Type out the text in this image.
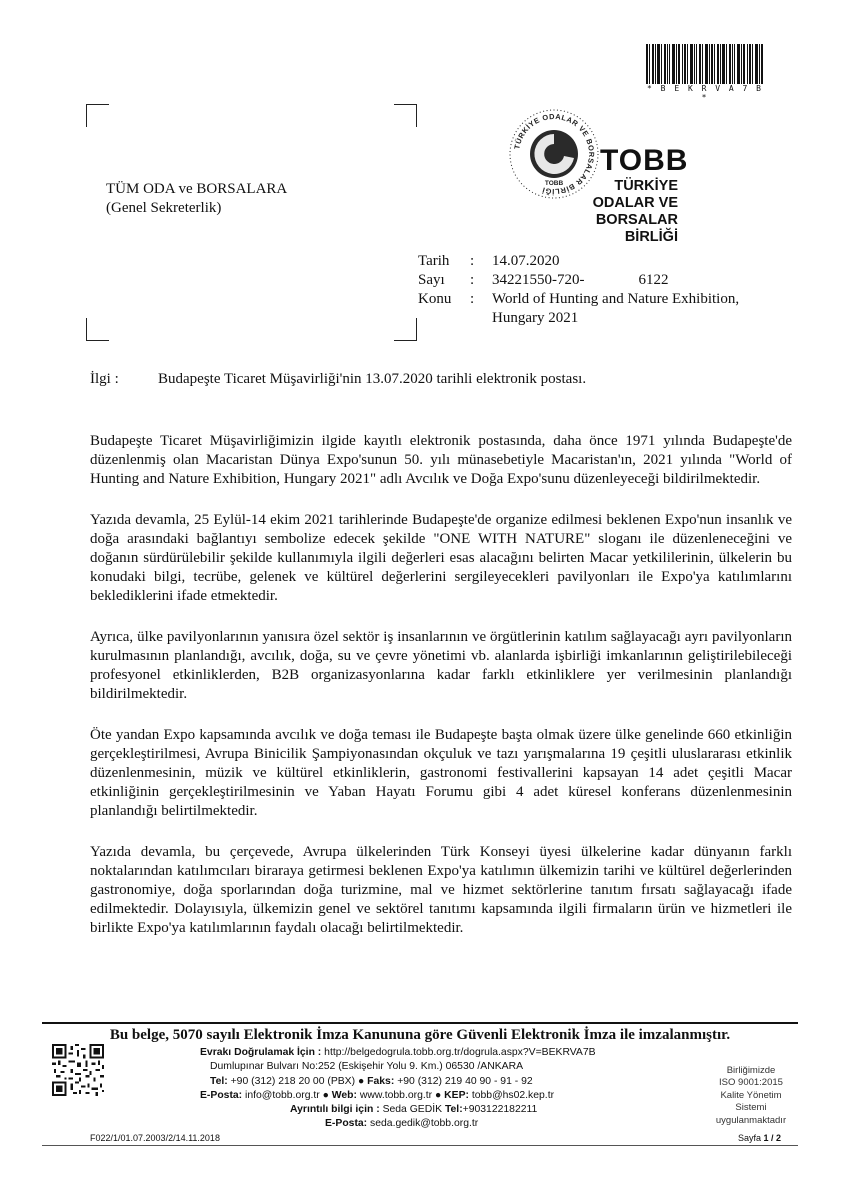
* B E K R V A 7 B *
TÜM ODA ve BORSALARA
(Genel Sekreterlik)
TÜRKİYE ODALAR VE BORSALAR BİRLİĞİ
TOBB
TOBB
TÜRKİYE
ODALAR VE BORSALAR
BİRLİĞİ
Tarih	:	14.07.2020
Sayı	:	34221550-720-	6122
Konu	:	World of Hunting and Nature Exhibition,
Hungary 2021
İlgi :	Budapeşte Ticaret Müşavirliği'nin 13.07.2020 tarihli elektronik postası.

Budapeşte Ticaret Müşavirliğimizin ilgide kayıtlı elektronik postasında, daha önce 1971 yılında Budapeşte'de düzenlenmiş olan Macaristan Dünya Expo'sunun 50. yılı münasebetiyle Macaristan'ın, 2021 yılında "World of Hunting and Nature Exhibition, Hungary 2021" adlı Avcılık ve Doğa Expo'sunu düzenleyeceği bildirilmektedir.

Yazıda devamla, 25 Eylül-14 ekim 2021 tarihlerinde Budapeşte'de organize edilmesi beklenen Expo'nun insanlık ve doğa arasındaki bağlantıyı sembolize edecek şekilde "ONE WITH NATURE" sloganı ile düzenleneceğini ve doğanın sürdürülebilir şekilde kullanımıyla ilgili değerleri esas alacağını belirten Macar yetkililerinin, ülkelerin bu konudaki bilgi, tecrübe, gelenek ve kültürel değerlerini sergileyecekleri pavilyonları ile Expo'ya katılımlarını beklediklerini ifade etmektedir.

Ayrıca, ülke pavilyonlarının yanısıra özel sektör iş insanlarının ve örgütlerinin katılım sağlayacağı ayrı pavilyonların kurulmasının planlandığı, avcılık, doğa, su ve çevre yönetimi vb. alanlarda işbirliği imkanlarının geliştirilebileceği profesyonel etkinliklerden, B2B organizasyonlarına kadar farklı etkinliklere yer verilmesinin planlandığı bildirilmektedir.

Öte yandan Expo kapsamında avcılık ve doğa teması ile Budapeşte başta olmak üzere ülke genelinde 660 etkinliğin gerçekleştirilmesi, Avrupa Binicilik Şampiyonasından okçuluk ve tazı yarışmalarına 19 çeşitli uluslararası etkinlik düzenlenmesinin, müzik ve kültürel etkinliklerin, gastronomi festivallerini kapsayan 14 adet çeşitli Macar etkinliğinin gerçekleştirilmesinin ve Yaban Hayatı Forumu gibi 4 adet küresel konferans düzenlenmesinin planlandığı belirtilmektedir.

Yazıda devamla, bu çerçevede, Avrupa ülkelerinden Türk Konseyi üyesi ülkelerine kadar dünyanın farklı noktalarından katılımcıları biraraya getirmesi beklenen Expo'ya katılımın ülkemizin tarihi ve kültürel değerlerinden gastronomiye, doğa sporlarından doğa turizmine, mal ve hizmet sektörlerine tanıtım fırsatı sağlayacağı ifade edilmektedir. Dolayısıyla, ülkemizin genel ve sektörel tanıtımı kapsamında ilgili firmaların ürün ve hizmetleri ile birlikte Expo'ya katılımlarının faydalı olacağı belirtilmektedir.

Bu belge, 5070 sayılı Elektronik İmza Kanununa göre Güvenli Elektronik İmza ile imzalanmıştır.
Evrakı Doğrulamak İçin : http://belgedogrula.tobb.org.tr/dogrula.aspx?V=BEKRVA7B
Dumlupınar Bulvarı No:252 (Eskişehir Yolu 9. Km.) 06530 /ANKARA
Tel: +90 (312) 218 20 00 (PBX) ● Faks: +90 (312) 219 40 90 - 91 - 92
E-Posta: info@tobb.org.tr ● Web: www.tobb.org.tr ● KEP: tobb@hs02.kep.tr
Ayrıntılı bilgi için : Seda GEDİK Tel:+903122182211
E-Posta: seda.gedik@tobb.org.tr
Birliğimizde
ISO 9001:2015
Kalite Yönetim
Sistemi
uygulanmaktadır
F022/1/01.07.2003/2/14.11.2018	Sayfa 1 / 2
